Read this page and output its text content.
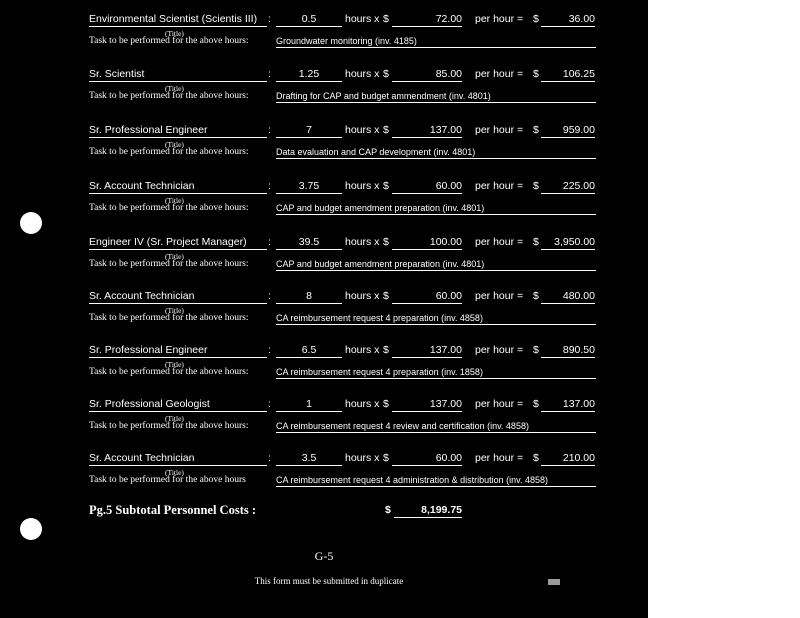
Environmental Scientist (Scientis III)	:	0.5	hours x $	72.00 per hour = $	36.00
(Title)
Task to be performed for the above hours:	Groundwater monitoring (inv. 4185)
Sr. Scientist	:	1.25	hours x $	85.00 per hour = $	106.25
(Title)
Task to be performed for the above hours:	Drafting for CAP and budget ammendment (inv. 4801)
Sr. Professional Engineer	:	7	hours x $	137.00 per hour = $	959.00
(Title)
Task to be performed for the above hours:	Data evaluation and CAP development (inv. 4801)
Sr. Account Technician	:	3.75	hours x $	60.00 per hour = $	225.00
(Title)
Task to be performed for the above hours:	CAP and budget amendment preparation (inv. 4801)
Engineer IV (Sr. Project Manager)	:	39.5	hours x $	100.00 per hour = $	3,950.00
(Title)
Task to be performed for the above hours:	CAP and budget amendment preparation (inv. 4801)
Sr. Account Technician	:	8	hours x $	60.00 per hour = $	480.00
(Title)
Task to be performed for the above hours:	CA reimbursement request 4 preparation (inv. 4858)
Sr. Professional Engineer	:	6.5	hours x $	137.00 per hour = $	890.50
(Title)
Task to be performed for the above hours:	CA reimbursement request 4 preparation (inv. 1858)
Sr. Professional Geologist	:	1	hours x $	137.00 per hour = $	137.00
(Title)
Task to be performed for the above hours:	CA reimbursement request 4 review and certification (inv. 4858)
Sr. Account Technician	:	3.5	hours x $	60.00 per hour = $	210.00
(Title)
Task to be performed for the above hours	CA reimbursement request 4 administration & distribution (inv. 4858)
Pg.5 Subtotal Personnel Costs :	$	8,199.75
G-5
This form must be submitted in duplicate
